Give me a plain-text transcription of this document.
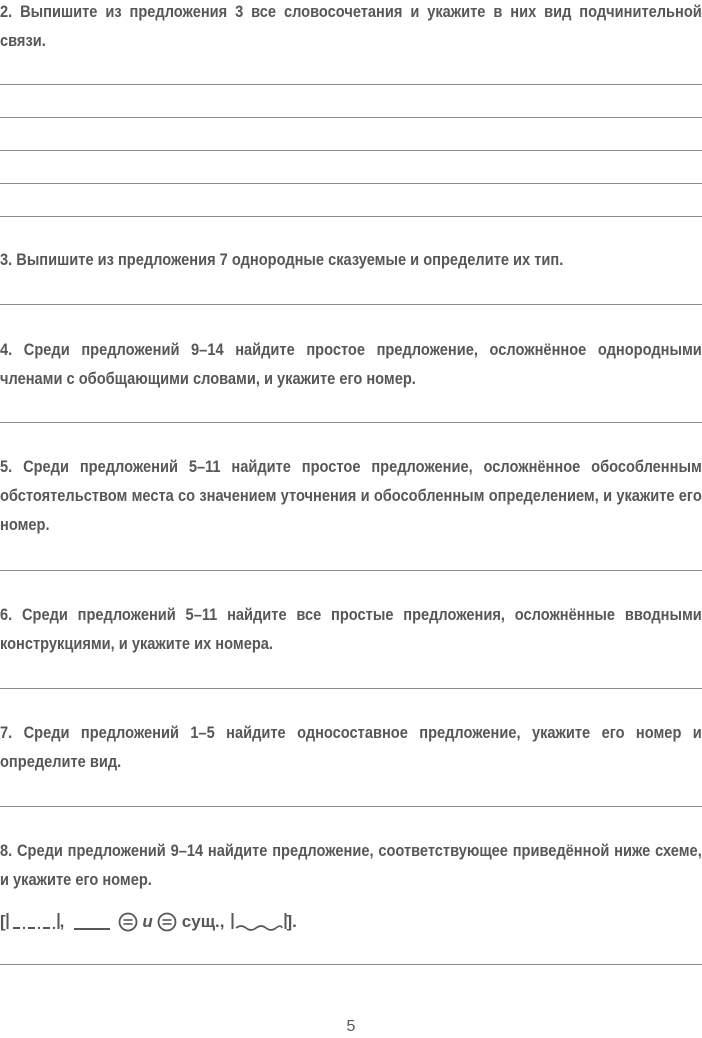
2. Выпишите из предложения 3 все словосочетания и укажите в них вид подчинительной связи.

3. Выпишите из предложения 7 однородные сказуемые и определите их тип.

4. Среди предложений 9–14 найдите простое предложение, осложнённое однородными членами с обобщающими словами, и укажите его номер.

5. Среди предложений 5–11 найдите простое предложение, осложнённое обособленным обстоятельством места со значением уточнения и обособленным определением, и укажите его номер.

6. Среди предложений 5–11 найдите все простые предложения, осложнённые вводными конструкциями, и укажите их номера.

7. Среди предложений 1–5 найдите односоставное предложение, укажите его номер и определите вид.

8. Среди предложений 9–14 найдите предложение, соответствующее приведённой ниже схеме, и укажите его номер.

[	,	и сущ.,	].
5
